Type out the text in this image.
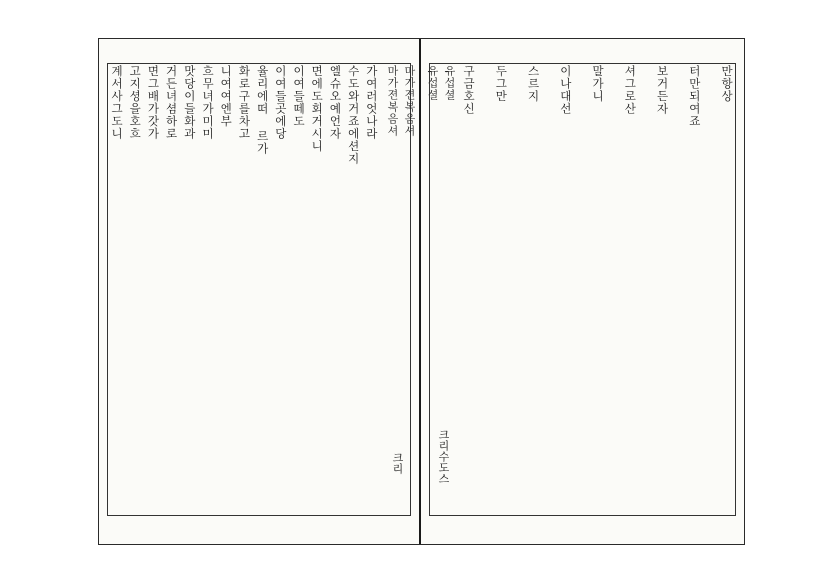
마가젼복음셔
마가젼복음셔
가여러엇나라
수도와거죠에션지
엘슈오예언자
면에도회거시니
이여들떼도
이여들곳에당
율리에떠 르가
화로구를차고
니여여엔부
흐무녀가미미
맛당이들화과
거든녀셤하로
면그배가갓가
고지셩을호흐
계서사그도니
크리
유섭셜
유섭셜	만항상
터만되여죠
보거든자
셔그로산
말가니
이나대선
스르지
두그만
구금호신
크리수도스
